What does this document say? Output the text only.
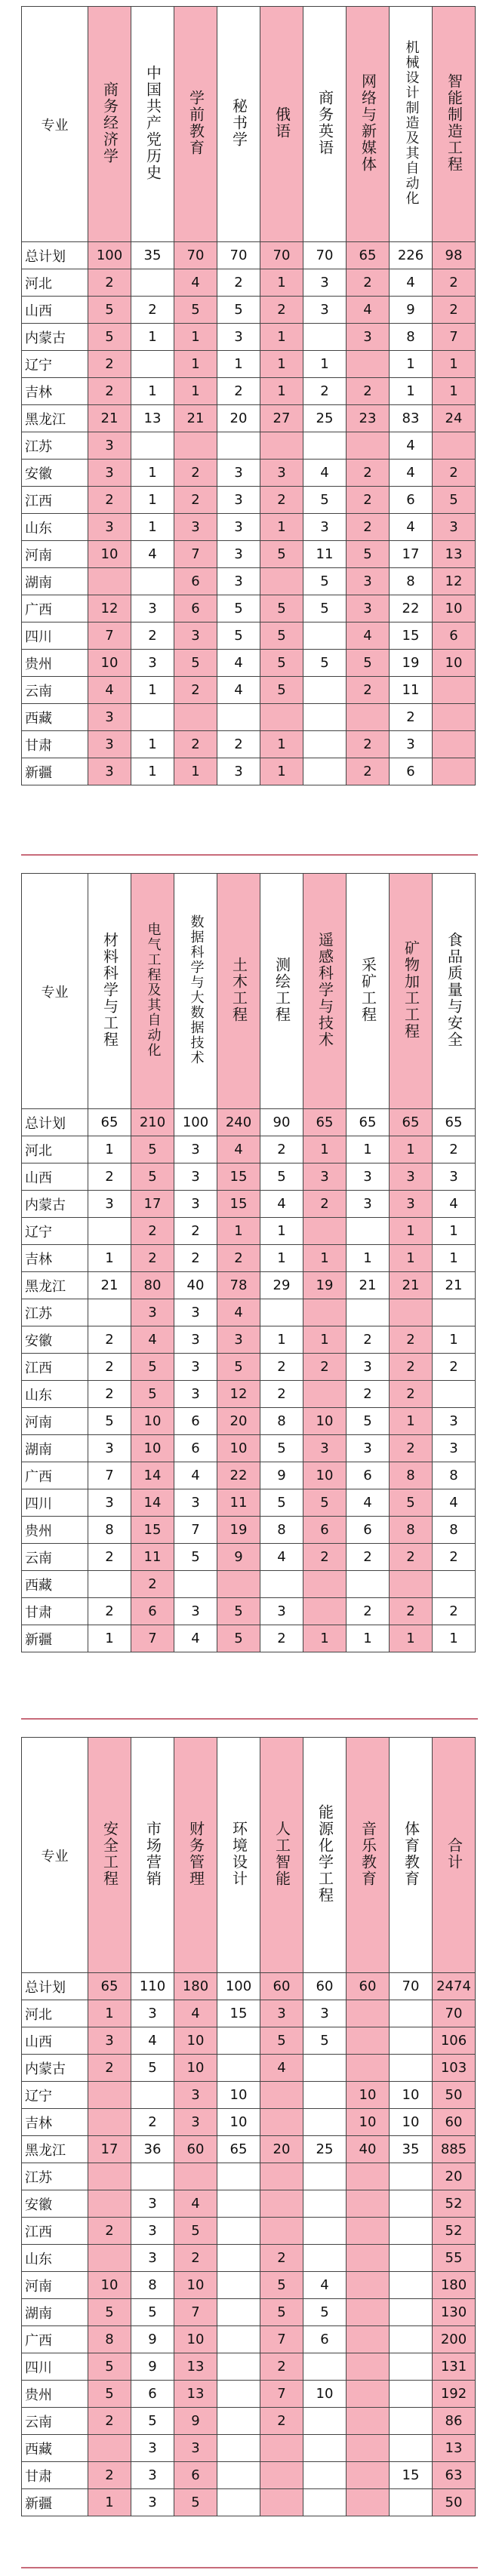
专业	商务经济学	中国共产党历史	学前教育	秘书学	俄语	商务英语	网络与新媒体	机械设计制造及其自动化	智能制造工程
总计划	100	35	70	70	70	70	65	226	98
河北	2		4	2	1	3	2	4	2
山西	5	2	5	5	2	3	4	9	2
内蒙古	5	1	1	3	1		3	8	7
辽宁	2		1	1	1	1		1	1
吉林	2	1	1	2	1	2	2	1	1
黑龙江	21	13	21	20	27	25	23	83	24
江苏	3							4	
安徽	3	1	2	3	3	4	2	4	2
江西	2	1	2	3	2	5	2	6	5
山东	3	1	3	3	1	3	2	4	3
河南	10	4	7	3	5	11	5	17	13
湖南			6	3		5	3	8	12
广西	12	3	6	5	5	5	3	22	10
四川	7	2	3	5	5		4	15	6
贵州	10	3	5	4	5	5	5	19	10
云南	4	1	2	4	5		2	11	
西藏	3							2	
甘肃	3	1	2	2	1		2	3	
新疆	3	1	1	3	1		2	6	
专业	材料科学与工程	电气工程及其自动化	数据科学与大数据技术	土木工程	测绘工程	遥感科学与技术	采矿工程	矿物加工工程	食品质量与安全
总计划	65	210	100	240	90	65	65	65	65
河北	1	5	3	4	2	1	1	1	2
山西	2	5	3	15	5	3	3	3	3
内蒙古	3	17	3	15	4	2	3	3	4
辽宁		2	2	1	1			1	1
吉林	1	2	2	2	1	1	1	1	1
黑龙江	21	80	40	78	29	19	21	21	21
江苏		3	3	4					
安徽	2	4	3	3	1	1	2	2	1
江西	2	5	3	5	2	2	3	2	2
山东	2	5	3	12	2		2	2	
河南	5	10	6	20	8	10	5	1	3
湖南	3	10	6	10	5	3	3	2	3
广西	7	14	4	22	9	10	6	8	8
四川	3	14	3	11	5	5	4	5	4
贵州	8	15	7	19	8	6	6	8	8
云南	2	11	5	9	4	2	2	2	2
西藏		2							
甘肃	2	6	3	5	3		2	2	2
新疆	1	7	4	5	2	1	1	1	1
专业	安全工程	市场营销	财务管理	环境设计	人工智能	能源化学工程	音乐教育	体育教育	合计
总计划	65	110	180	100	60	60	60	70	2474
河北	1	3	4	15	3	3			70
山西	3	4	10		5	5			106
内蒙古	2	5	10		4				103
辽宁			3	10			10	10	50
吉林		2	3	10			10	10	60
黑龙江	17	36	60	65	20	25	40	35	885
江苏									20
安徽		3	4						52
江西	2	3	5						52
山东		3	2		2				55
河南	10	8	10		5	4			180
湖南	5	5	7		5	5			130
广西	8	9	10		7	6			200
四川	5	9	13		2				131
贵州	5	6	13		7	10			192
云南	2	5	9		2				86
西藏		3	3						13
甘肃	2	3	6					15	63
新疆	1	3	5						50
